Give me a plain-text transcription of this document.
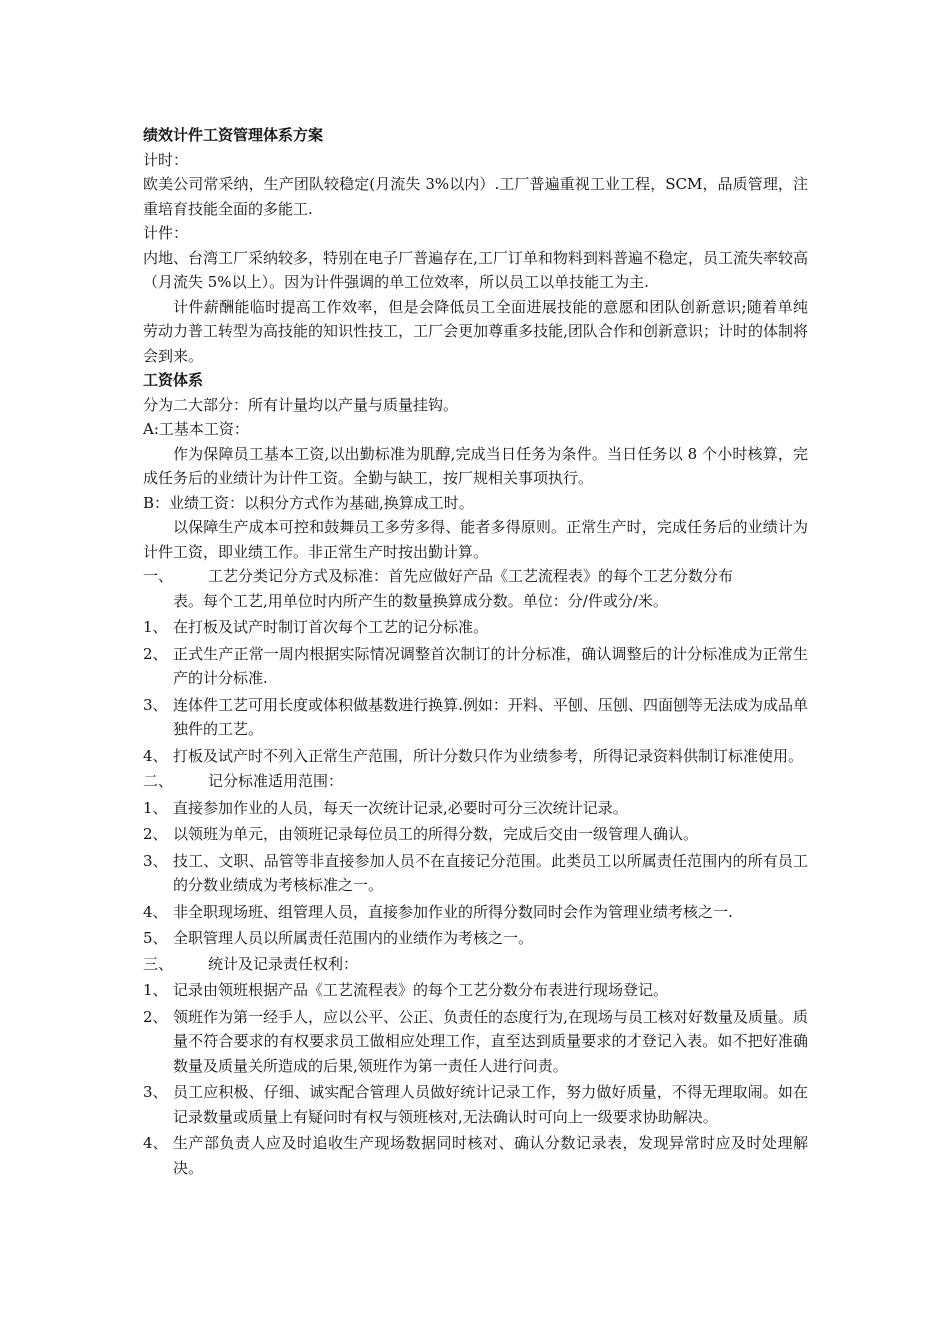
绩效计件工资管理体系方案

计时：

欧美公司常采纳，生产团队较稳定(月流失 3%以内）.工厂普遍重视工业工程，SCM，品质管理，注重培育技能全面的多能工.

计件：

内地、台湾工厂采纳较多，特别在电子厂普遍存在,工厂订单和物料到料普遍不稳定，员工流失率较高（月流失 5%以上）。因为计件强调的单工位效率，所以员工以单技能工为主.

计件薪酬能临时提高工作效率，但是会降低员工全面进展技能的意愿和团队创新意识;随着单纯劳动力普工转型为高技能的知识性技工，工厂会更加尊重多技能,团队合作和创新意识；计时的体制将会到来。

工资体系

分为二大部分：所有计量均以产量与质量挂钩。

A:工基本工资：

作为保障员工基本工资,以出勤标准为肌醇,完成当日任务为条件。当日任务以 8 个小时核算，完成任务后的业绩计为计件工资。全勤与缺工，按厂规相关事项执行。

B：业绩工资：以积分方式作为基础,换算成工时。

以保障生产成本可控和鼓舞员工多劳多得、能者多得原则。正常生产时，完成任务后的业绩计为计件工资，即业绩工作。非正常生产时按出勤计算。

一、	工艺分类记分方式及标准：首先应做好产品《工艺流程表》的每个工艺分数分布

表。每个工艺,用单位时内所产生的数量换算成分数。单位：分/件或分/米。

1、 在打板及试产时制订首次每个工艺的记分标准。
2、 正式生产正常一周内根据实际情况调整首次制订的计分标准，确认调整后的计分标准成为正常生产的计分标准.
3、 连体件工艺可用长度或体积做基数进行换算.例如：开料、平刨、压刨、四面刨等无法成为成品单独件的工艺。
4、 打板及试产时不列入正常生产范围，所计分数只作为业绩参考，所得记录资料供制订标准使用。
二、	记分标准适用范围：
1、 直接参加作业的人员，每天一次统计记录,必要时可分三次统计记录。
2、 以领班为单元，由领班记录每位员工的所得分数，完成后交由一级管理人确认。
3、 技工、文职、品管等非直接参加人员不在直接记分范围。此类员工以所属责任范围内的所有员工的分数业绩成为考核标准之一。
4、 非全职现场班、组管理人员，直接参加作业的所得分数同时会作为管理业绩考核之一.
5、 全职管理人员以所属责任范围内的业绩作为考核之一。
三、	统计及记录责任权利：
1、 记录由领班根据产品《工艺流程表》的每个工艺分数分布表进行现场登记。
2、 领班作为第一经手人，应以公平、公正、负责任的态度行为,在现场与员工核对好数量及质量。质量不符合要求的有权要求员工做相应处理工作，直至达到质量要求的才登记入表。如不把好准确数量及质量关所造成的后果,领班作为第一责任人进行问责。
3、 员工应积极、仔细、诚实配合管理人员做好统计记录工作，努力做好质量，不得无理取闹。如在记录数量或质量上有疑问时有权与领班核对,无法确认时可向上一级要求协助解决。
4、 生产部负责人应及时追收生产现场数据同时核对、确认分数记录表，发现异常时应及时处理解决。
